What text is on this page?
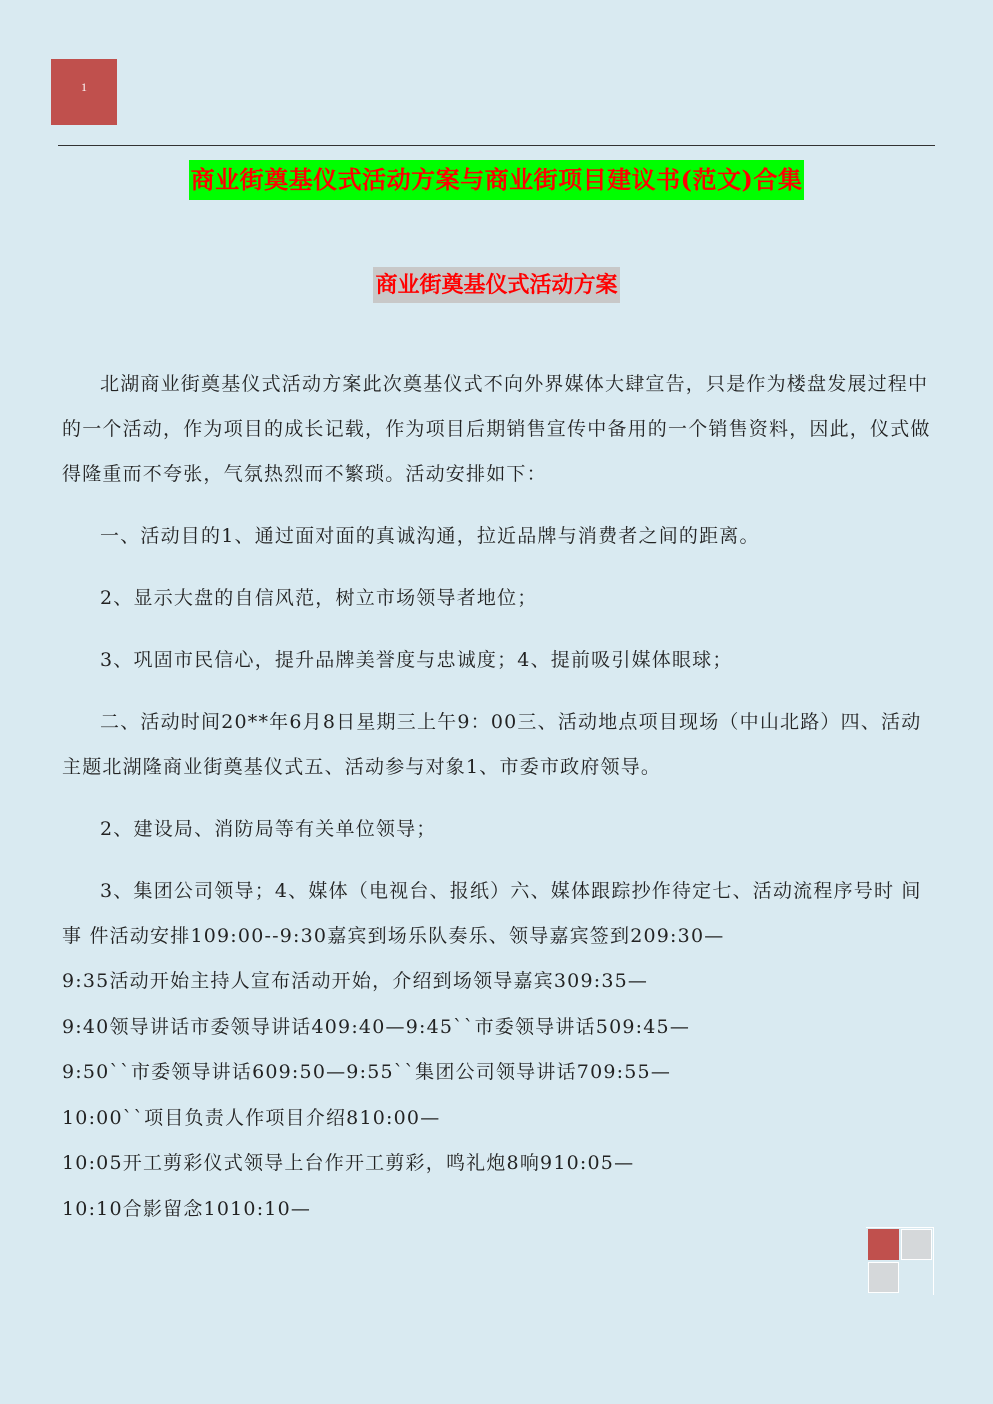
1
商业街奠基仪式活动方案与商业街项目建议书(范文)合集
商业街奠基仪式活动方案

北湖商业街奠基仪式活动方案此次奠基仪式不向外界媒体大肆宣告，只是作为楼盘发展过程中的一个活动，作为项目的成长记载，作为项目后期销售宣传中备用的一个销售资料，因此，仪式做得隆重而不夸张，气氛热烈而不繁琐。活动安排如下：

一、活动目的1、通过面对面的真诚沟通，拉近品牌与消费者之间的距离。

2、显示大盘的自信风范，树立市场领导者地位；

3、巩固市民信心，提升品牌美誉度与忠诚度；4、提前吸引媒体眼球；

二、活动时间20**年6月8日星期三上午9：00三、活动地点项目现场（中山北路）四、活动主题北湖隆商业街奠基仪式五、活动参与对象1、市委市政府领导。

2、建设局、消防局等有关单位领导；

3、集团公司领导；4、媒体（电视台、报纸）六、媒体跟踪抄作待定七、活动流程序号时 间事 件活动安排109:00--9:30嘉宾到场乐队奏乐、领导嘉宾签到209:30—

9:35活动开始主持人宣布活动开始，介绍到场领导嘉宾309:35—
9:40领导讲话市委领导讲话409:40—9:45``市委领导讲话509:45—
9:50``市委领导讲话609:50—9:55``集团公司领导讲话709:55—
10:00``项目负责人作项目介绍810:00—
10:05开工剪彩仪式领导上台作开工剪彩，鸣礼炮8响910:05—
10:10合影留念1010:10—
